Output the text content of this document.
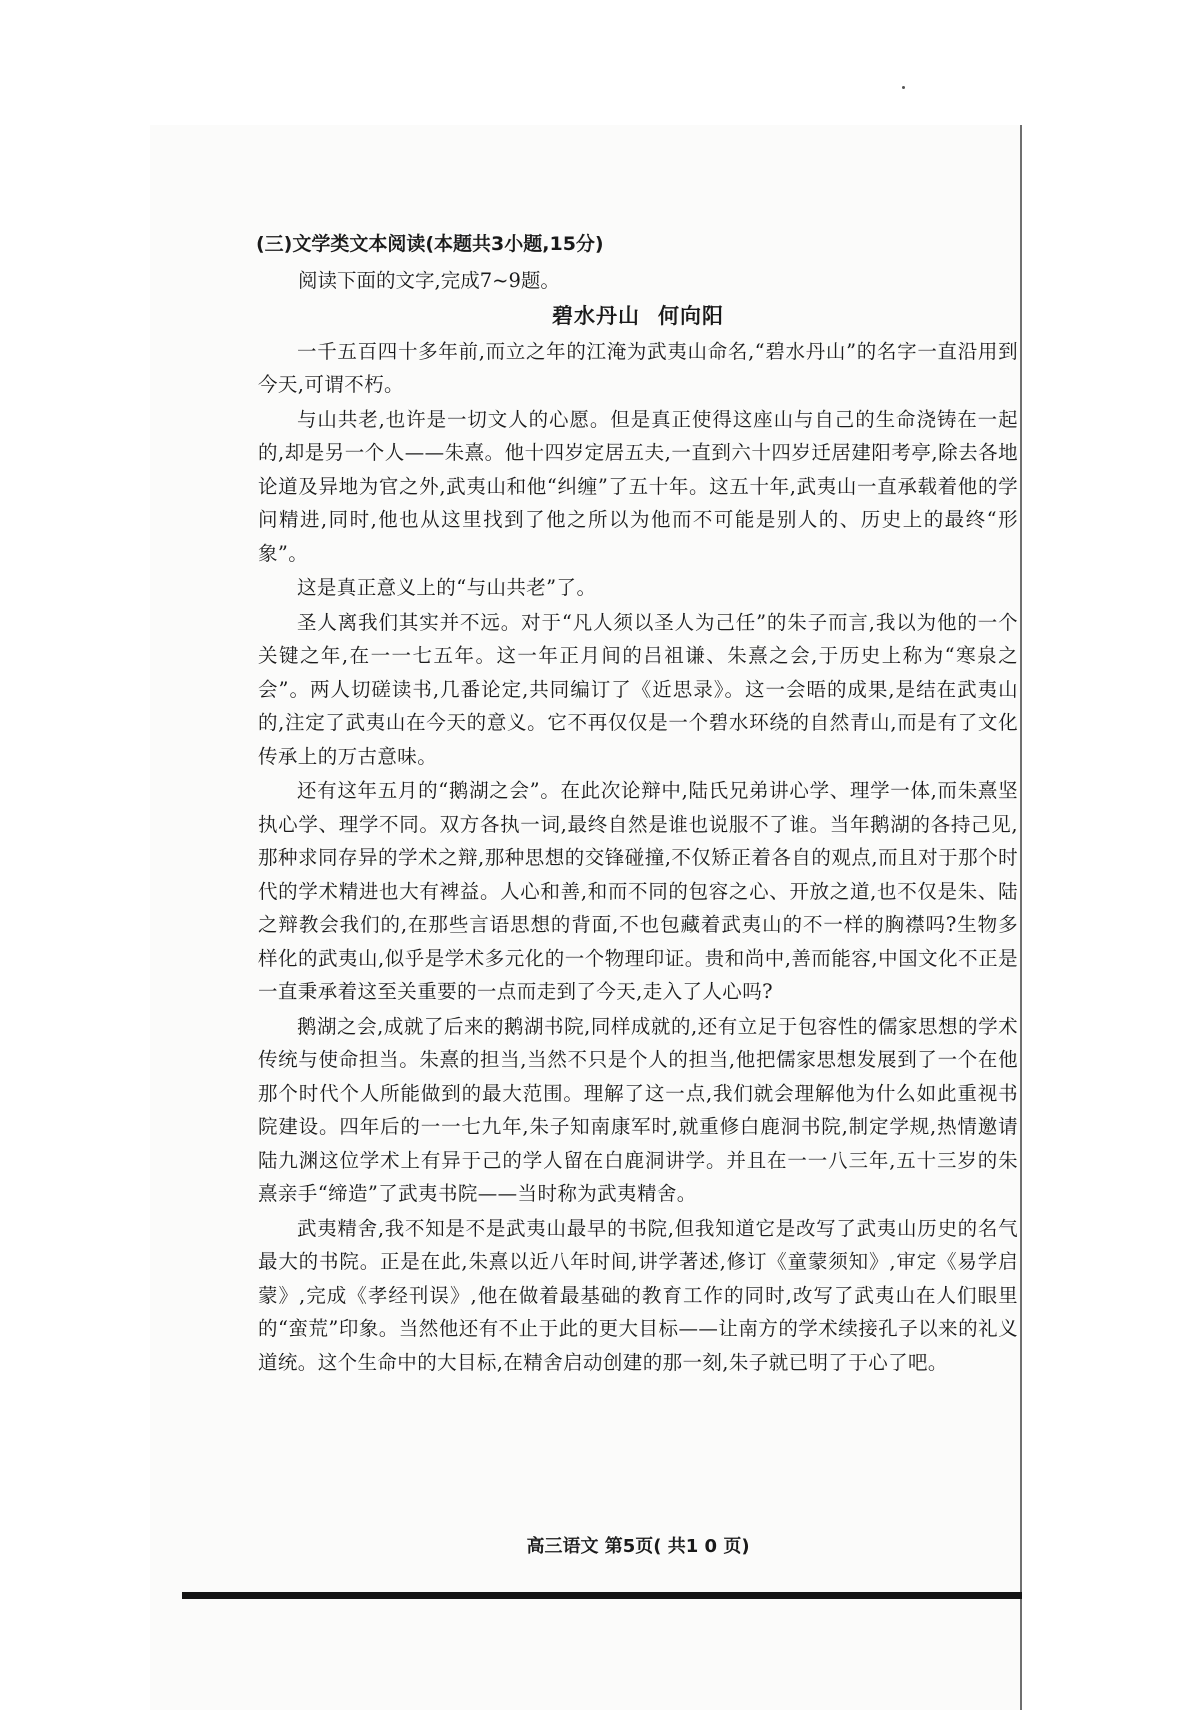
(三)文学类文本阅读(本题共3小题,15分)

阅读下面的文字,完成7~9题。

碧水丹山 何向阳

一千五百四十多年前,而立之年的江淹为武夷山命名,“碧水丹山”的名字一直沿用到今天,可谓不朽。

与山共老,也许是一切文人的心愿。但是真正使得这座山与自己的生命浇铸在一起的,却是另一个人——朱熹。他十四岁定居五夫,一直到六十四岁迁居建阳考亭,除去各地论道及异地为官之外,武夷山和他“纠缠”了五十年。这五十年,武夷山一直承载着他的学问精进,同时,他也从这里找到了他之所以为他而不可能是别人的、历史上的最终“形象”。

这是真正意义上的“与山共老”了。

圣人离我们其实并不远。对于“凡人须以圣人为己任”的朱子而言,我以为他的一个关键之年,在一一七五年。这一年正月间的吕祖谦、朱熹之会,于历史上称为“寒泉之会”。两人切磋读书,几番论定,共同编订了《近思录》。这一会晤的成果,是结在武夷山的,注定了武夷山在今天的意义。它不再仅仅是一个碧水环绕的自然青山,而是有了文化传承上的万古意味。

还有这年五月的“鹅湖之会”。在此次论辩中,陆氏兄弟讲心学、理学一体,而朱熹坚执心学、理学不同。双方各执一词,最终自然是谁也说服不了谁。当年鹅湖的各持己见,那种求同存异的学术之辩,那种思想的交锋碰撞,不仅矫正着各自的观点,而且对于那个时代的学术精进也大有裨益。人心和善,和而不同的包容之心、开放之道,也不仅是朱、陆之辩教会我们的,在那些言语思想的背面,不也包藏着武夷山的不一样的胸襟吗?生物多样化的武夷山,似乎是学术多元化的一个物理印证。贵和尚中,善而能容,中国文化不正是一直秉承着这至关重要的一点而走到了今天,走入了人心吗?

鹅湖之会,成就了后来的鹅湖书院,同样成就的,还有立足于包容性的儒家思想的学术传统与使命担当。朱熹的担当,当然不只是个人的担当,他把儒家思想发展到了一个在他那个时代个人所能做到的最大范围。理解了这一点,我们就会理解他为什么如此重视书院建设。四年后的一一七九年,朱子知南康军时,就重修白鹿洞书院,制定学规,热情邀请陆九渊这位学术上有异于己的学人留在白鹿洞讲学。并且在一一八三年,五十三岁的朱熹亲手“缔造”了武夷书院——当时称为武夷精舍。

武夷精舍,我不知是不是武夷山最早的书院,但我知道它是改写了武夷山历史的名气最大的书院。正是在此,朱熹以近八年时间,讲学著述,修订《童蒙须知》,审定《易学启蒙》,完成《孝经刊误》,他在做着最基础的教育工作的同时,改写了武夷山在人们眼里的“蛮荒”印象。当然他还有不止于此的更大目标——让南方的学术续接孔子以来的礼义道统。这个生命中的大目标,在精舍启动创建的那一刻,朱子就已明了于心了吧。

高三语文 第5页( 共1 0 页)
